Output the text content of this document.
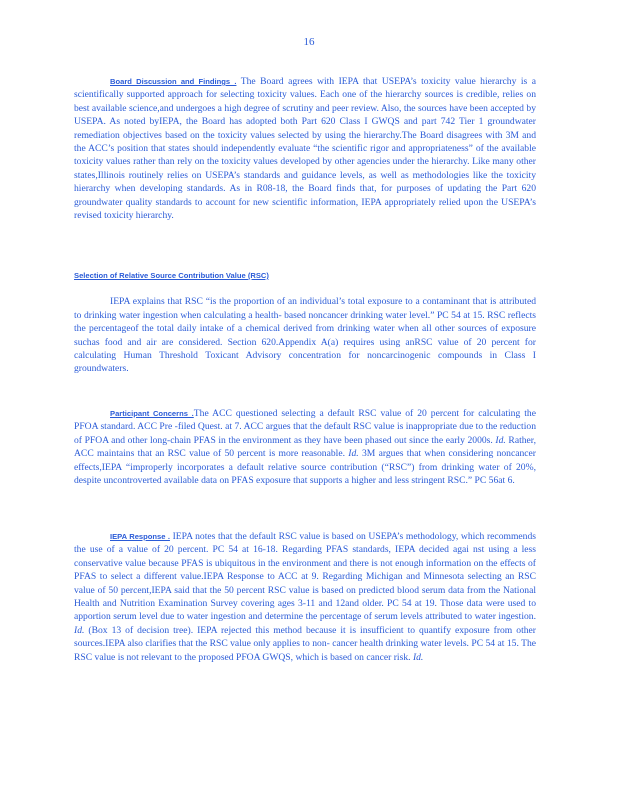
16

Board Discussion and Findings . The Board agrees with IEPA that USEPA’s toxicity value hierarchy is a scientifically supported approach for selecting toxicity values. Each one of the hierarchy sources is credible, relies on best available science,and undergoes a high degree of scrutiny and peer review. Also, the sources have been accepted by USEPA. As noted byIEPA, the Board has adopted both Part 620 Class I GWQS and part 742 Tier 1 groundwater remediation objectives based on the toxicity values selected by using the hierarchy.The Board disagrees with 3M and the ACC’s position that states should independently evaluate “the scientific rigor and appropriateness” of the available toxicity values rather than rely on the toxicity values developed by other agencies under the hierarchy. Like many other states,Illinois routinely relies on USEPA’s standards and guidance levels, as well as methodologies like the toxicity hierarchy when developing standards. As in R08-18, the Board finds that, for purposes of updating the Part 620 groundwater quality standards to account for new scientific information, IEPA appropriately relied upon the USEPA’s revised toxicity hierarchy.

Selection of Relative Source Contribution Value (RSC)

IEPA explains that RSC “is the proportion of an individual’s total exposure to a contaminant that is attributed to drinking water ingestion when calculating a health- based noncancer drinking water level.” PC 54 at 15. RSC reflects the percentageof the total daily intake of a chemical derived from drinking water when all other sources of exposure suchas food and air are considered. Section 620.Appendix A(a) requires using anRSC value of 20 percent for calculating Human Threshold Toxicant Advisory concentration for noncarcinogenic compounds in Class I groundwaters.

Participant Concerns .The ACC questioned selecting a default RSC value of 20 percent for calculating the PFOA standard. ACC Pre -filed Quest. at 7. ACC argues that the default RSC value is inappropriate due to the reduction of PFOA and other long-chain PFAS in the environment as they have been phased out since the early 2000s. Id. Rather, ACC maintains that an RSC value of 50 percent is more reasonable. Id. 3M argues that when considering noncancer effects,IEPA “improperly incorporates a default relative source contribution (“RSC”) from drinking water of 20%, despite uncontroverted available data on PFAS exposure that supports a higher and less stringent RSC.” PC 56at 6.

IEPA Response . IEPA notes that the default RSC value is based on USEPA’s methodology, which recommends the use of a value of 20 percent. PC 54 at 16-18. Regarding PFAS standards, IEPA decided agai nst using a less conservative value because PFAS is ubiquitous in the environment and there is not enough information on the effects of PFAS to select a different value.IEPA Response to ACC at 9. Regarding Michigan and Minnesota selecting an RSC value of 50 percent,IEPA said that the 50 percent RSC value is based on predicted blood serum data from the National Health and Nutrition Examination Survey covering ages 3-11 and 12and older. PC 54 at 19. Those data were used to apportion serum level due to water ingestion and determine the percentage of serum levels attributed to water ingestion. Id. (Box 13 of decision tree). IEPA rejected this method because it is insufficient to quantify exposure from other sources.IEPA also clarifies that the RSC value only applies to non- cancer health drinking water levels. PC 54 at 15. The RSC value is not relevant to the proposed PFOA GWQS, which is based on cancer risk. Id.
